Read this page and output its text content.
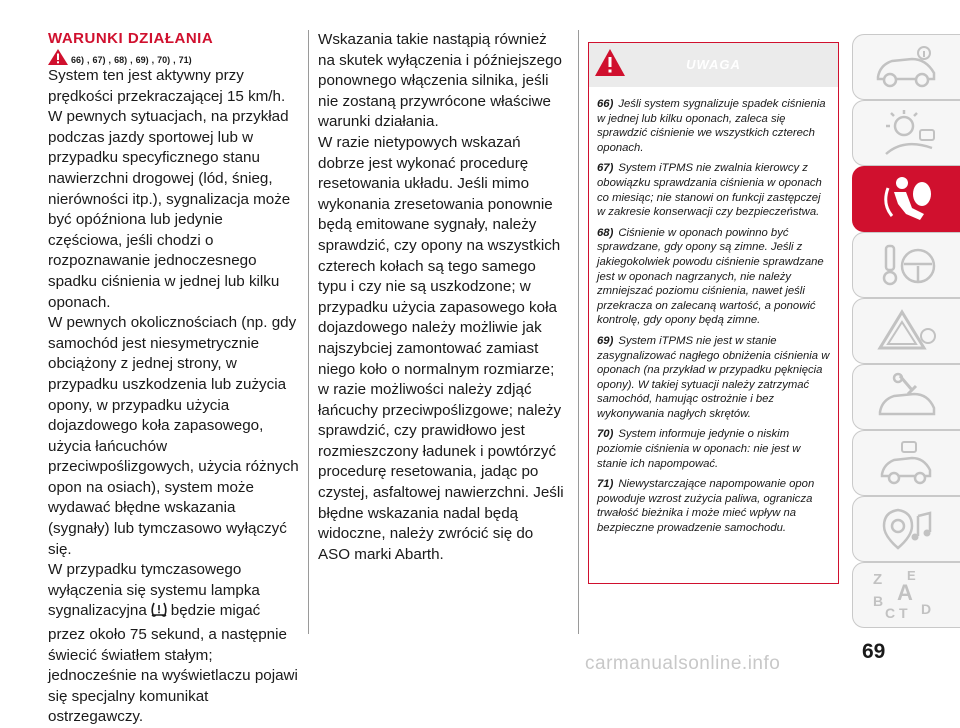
WARUNKI DZIAŁANIA
66) , 67) , 68) , 69) , 70) , 71)

System ten jest aktywny przy prędkości przekraczającej 15 km/h.

W pewnych sytuacjach, na przykład podczas jazdy sportowej lub w przypadku specyficznego stanu nawierzchni drogowej (lód, śnieg, nierówności itp.), sygnalizacja może być opóźniona lub jedynie częściowa, jeśli chodzi o rozpoznawanie jednoczesnego spadku ciśnienia w jednej lub kilku oponach.

W pewnych okolicznościach (np. gdy samochód jest niesymetrycznie obciążony z jednej strony, w przypadku uszkodzenia lub zużycia opony, w przypadku użycia dojazdowego koła zapasowego, użycia łańcuchów przeciwpoślizgowych, użycia różnych opon na osiach), system może wydawać błędne wskazania (sygnały) lub tymczasowo wyłączyć się.

W przypadku tymczasowego wyłączenia się systemu lampka sygnalizacyjna będzie migać przez około 75 sekund, a następnie świecić światłem stałym; jednocześnie na wyświetlaczu pojawi się specjalny komunikat ostrzegawczy.

Wskazania takie nastąpią również na skutek wyłączenia i późniejszego ponownego włączenia silnika, jeśli nie zostaną przywrócone właściwe warunki działania.

W razie nietypowych wskazań dobrze jest wykonać procedurę resetowania układu. Jeśli mimo wykonania zresetowania ponownie będą emitowane sygnały, należy sprawdzić, czy opony na wszystkich czterech kołach są tego samego typu i czy nie są uszkodzone; w przypadku użycia zapasowego koła dojazdowego należy możliwie jak najszybciej zamontować zamiast niego koło o normalnym rozmiarze; w razie możliwości należy zdjąć łańcuchy przeciwpoślizgowe; należy sprawdzić, czy prawidłowo jest rozmieszczony ładunek i powtórzyć procedurę resetowania, jadąc po czystej, asfaltowej nawierzchni. Jeśli błędne wskazania nadal będą widoczne, należy zwrócić się do ASO marki Abarth.

UWAGA

66) Jeśli system sygnalizuje spadek ciśnienia w jednej lub kilku oponach, zaleca się sprawdzić ciśnienie we wszystkich czterech oponach.

67) System iTPMS nie zwalnia kierowcy z obowiązku sprawdzania ciśnienia w oponach co miesiąc; nie stanowi on funkcji zastępczej w zakresie konserwacji czy bezpieczeństwa.

68) Ciśnienie w oponach powinno być sprawdzane, gdy opony są zimne. Jeśli z jakiegokolwiek powodu ciśnienie sprawdzane jest w oponach nagrzanych, nie należy zmniejszać poziomu ciśnienia, nawet jeśli przekracza on zalecaną wartość, a ponowić kontrolę, gdy opony będą zimne.

69) System iTPMS nie jest w stanie zasygnalizować nagłego obniżenia ciśnienia w oponach (na przykład w przypadku pęknięcia opony). W takiej sytuacji należy zatrzymać samochód, hamując ostrożnie i bez wykonywania nagłych skrętów.

70) System informuje jedynie o niskim poziomie ciśnienia w oponach: nie jest w stanie ich napompować.

71) Niewystarczające napompowanie opon powoduje wzrost zużycia paliwa, ogranicza trwałość bieżnika i może mieć wpływ na bezpieczne prowadzenie samochodu.

Z E
A
B
C T D
69
carmanualsonline.info
